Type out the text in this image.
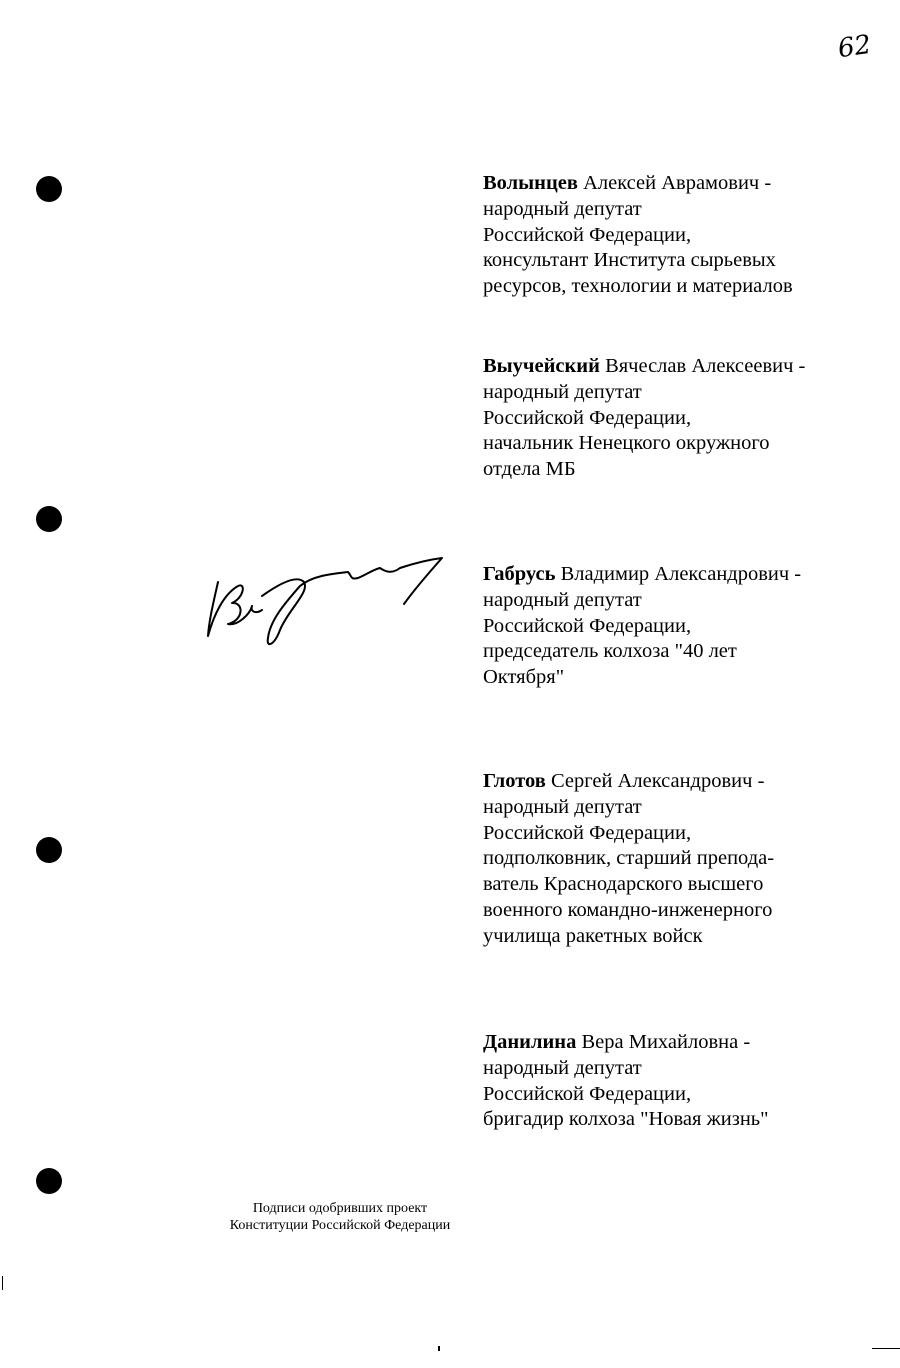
62
Волынцев Алексей Аврамович -
народный депутат
Российской Федерации,
консультант Института сырьевых
ресурсов, технологии и материалов
Выучейский Вячеслав Алексеевич -
народный депутат
Российской Федерации,
начальник Ненецкого окружного
отдела МБ
Габрусь Владимир Александрович -
народный депутат
Российской Федерации,
председатель колхоза "40 лет
Октября"
Глотов Сергей Александрович -
народный депутат
Российской Федерации,
подполковник, старший препода-
ватель Краснодарского высшего
военного командно-инженерного
училища ракетных войск
Данилина Вера Михайловна -
народный депутат
Российской Федерации,
бригадир колхоза "Новая жизнь"
Подписи одобривших проект
Конституции Российской Федерации
